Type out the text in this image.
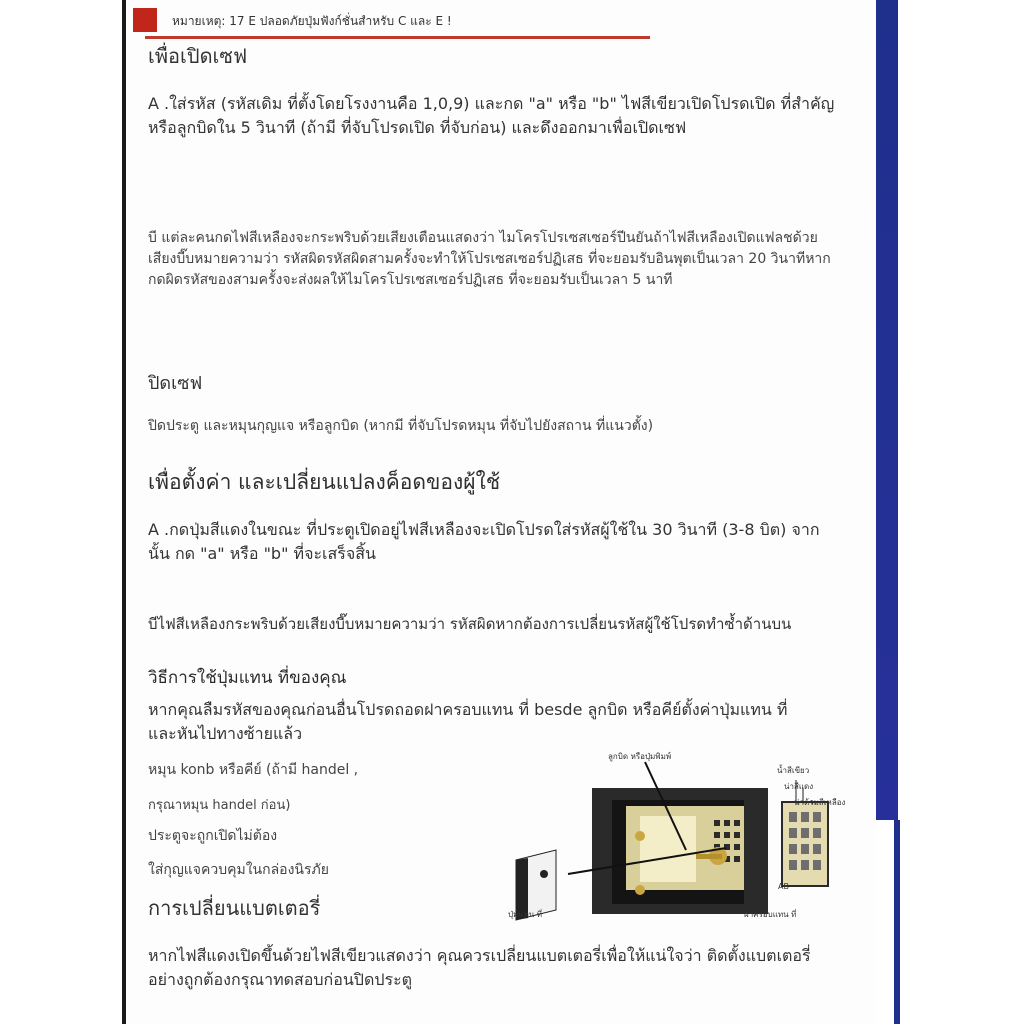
หมายเหตุ: 17 E ปลอดภัยปุ่มฟังก์ชั่นสำหรับ C และ E !
เพื่อเปิดเซฟ
A .ใส่รหัส (รหัสเดิม ที่ตั้งโดยโรงงานคือ 1,0,9) และกด "a" หรือ "b" ไฟสีเขียวเปิดโปรดเปิด ที่สำคัญ
หรือลูกบิดใน 5 วินาที (ถ้ามี ที่จับโปรดเปิด ที่จับก่อน) และดึงออกมาเพื่อเปิดเซฟ
บี แต่ละคนกดไฟสีเหลืองจะกระพริบด้วยเสียงเตือนแสดงว่า ไมโครโปรเซสเซอร์ปีนยันถ้าไฟสีเหลืองเปิดแฟลชด้วย
เสียงบี๊บหมายความว่า รหัสผิดรหัสผิดสามครั้งจะทำให้โปรเซสเซอร์ปฏิเสธ ที่จะยอมรับอินพุตเป็นเวลา 20 วินาทีหาก
กดผิดรหัสของสามครั้งจะส่งผลให้ไมโครโปรเซสเซอร์ปฏิเสธ ที่จะยอมรับเป็นเวลา 5 นาที
ปิดเซฟ
ปิดประตู และหมุนกุญแจ หรือลูกบิด (หากมี ที่จับโปรดหมุน ที่จับไปยังสถาน ที่แนวตั้ง)
เพื่อตั้งค่า และเปลี่ยนแปลงค็อดของผู้ใช้
A .กดปุ่มสีแดงในขณะ ที่ประตูเปิดอยู่ไฟสีเหลืองจะเปิดโปรดใส่รหัสผู้ใช้ใน 30 วินาที (3-8 บิต) จาก
นั้น กด "a" หรือ "b" ที่จะเสร็จสิ้น
บีไฟสีเหลืองกระพริบด้วยเสียงบี๊บหมายความว่า รหัสผิดหากต้องการเปลี่ยนรหัสผู้ใช้โปรดทำซ้ำด้านบน
วิธีการใช้ปุ่มแทน ที่ของคุณ
หากคุณลืมรหัสของคุณก่อนอื่นโปรดถอดฝาครอบแทน ที่ besde ลูกบิด หรือคีย์ตั้งค่าปุ่มแทน ที่
และหันไปทางซ้ายแล้ว
หมุน konb หรือคีย์ (ถ้ามี handel ,
กรุณาหมุน handel ก่อน)
ประตูจะถูกเปิดไม่ต้อง
ใส่กุญแจควบคุมในกล่องนิรภัย
การเปลี่ยนแบตเตอรี่
หากไฟสีแดงเปิดขึ้นด้วยไฟสีเขียวแสดงว่า คุณควรเปลี่ยนแบตเตอรี่เพื่อให้แน่ใจว่า ติดตั้งแบตเตอรี่
อย่างถูกต้องกรุณาทดสอบก่อนปิดประตู
ลูกบิด หรือปุ่มพิมพ์
น้ำสีเขียว
น่าสีแดง
น่าด้วมสีเหลือง
AB
ปุ่มแทน ที่	ฝาครอบแทน ที่
